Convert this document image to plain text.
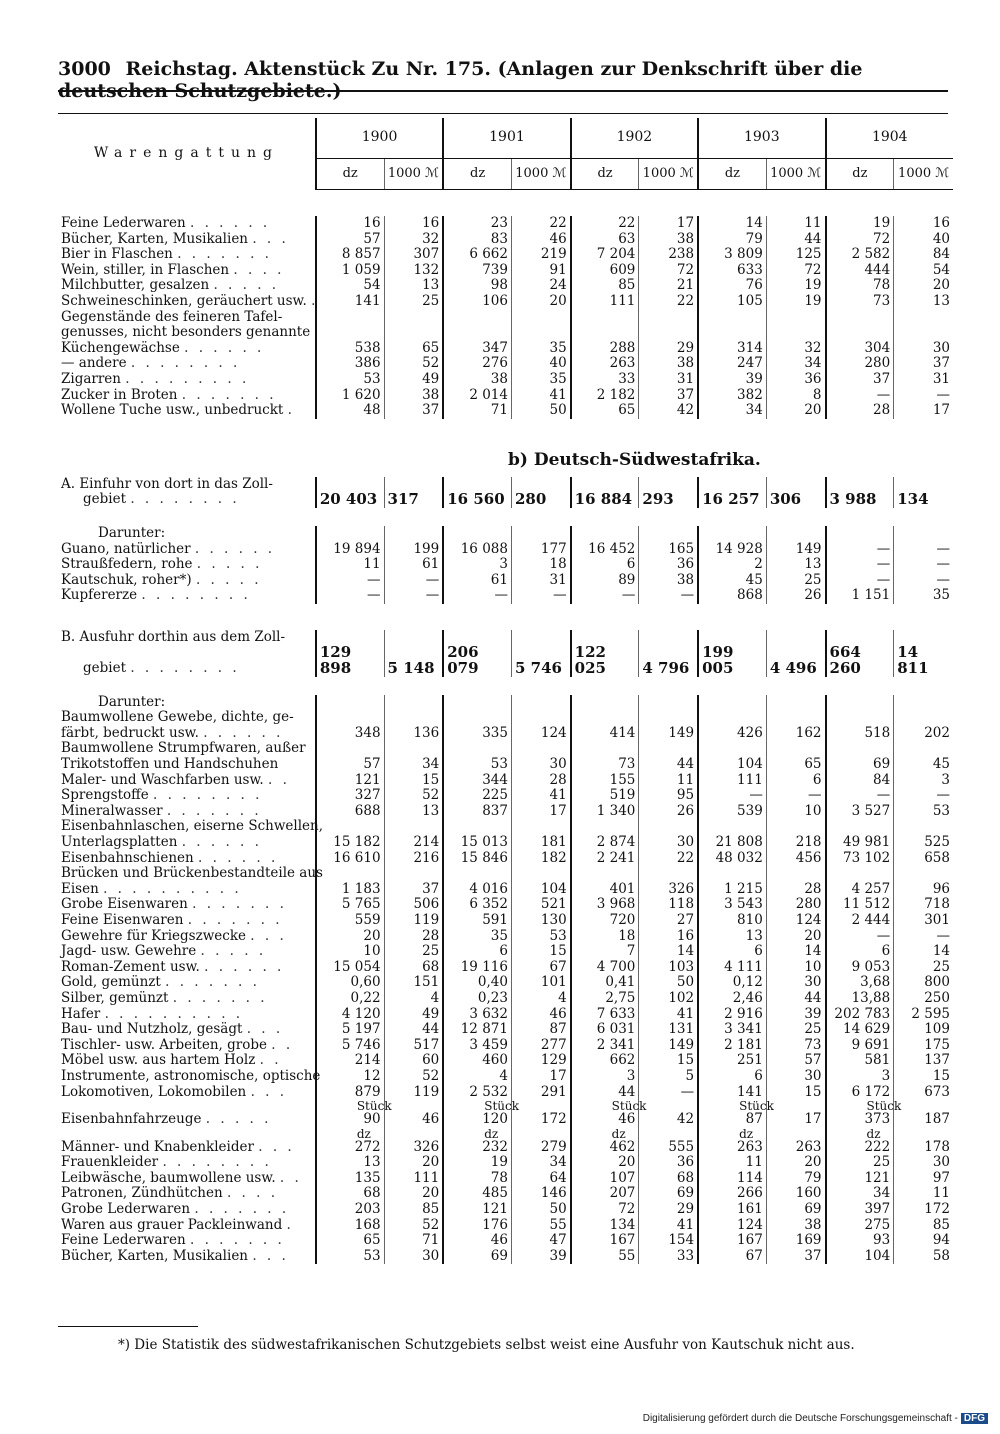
3000 Reichstag. Aktenstück Zu Nr. 175. (Anlagen zur Denkschrift über die deutschen Schutzgebiete.)
Warengattung	1900		1901		1902		1903		1904	
	dz	1000 ℳ	dz	1000 ℳ	dz	1000 ℳ	dz	1000 ℳ	dz	1000 ℳ

Feine Lederwaren . . . . . .	16	16	23	22	22	17	14	11	19	16
Bücher, Karten, Musikalien . . .	57	32	83	46	63	38	79	44	72	40
Bier in Flaschen . . . . . . .	8 857	307	6 662	219	7 204	238	3 809	125	2 582	84
Wein, stiller, in Flaschen . . . .	1 059	132	739	91	609	72	633	72	444	54
Milchbutter, gesalzen . . . . .	54	13	98	24	85	21	76	19	78	20
Schweineschinken, geräuchert usw. .	141	25	106	20	111	22	105	19	73	13
Gegenstände des feineren Tafel-										
genusses, nicht besonders genannte										
Küchengewächse . . . . . .	538	65	347	35	288	29	314	32	304	30
— andere . . . . . . . .	386	52	276	40	263	38	247	34	280	37
Zigarren . . . . . . . . .	53	49	38	35	33	31	39	36	37	31
Zucker in Broten . . . . . . .	1 620	38	2 014	41	2 182	37	382	8	—	—
Wollene Tuche usw., unbedruckt .	48	37	71	50	65	42	34	20	28	17

	b) Deutsch-Südwestafrika.									

A. Einfuhr von dort in das Zoll-										
gebiet . . . . . . . .	20 403	317	16 560	280	16 884	293	16 257	306	3 988	134

Darunter:										
Guano, natürlicher . . . . . .	19 894	199	16 088	177	16 452	165	14 928	149	—	—
Straußfedern, rohe . . . . .	11	61	3	18	6	36	2	13	—	—
Kautschuk, roher*) . . . . .	—	—	61	31	89	38	45	25	—	—
Kupfererze . . . . . . . .	—	—	—	—	—	—	868	26	1 151	35

B. Ausfuhr dorthin aus dem Zoll-										
gebiet . . . . . . . .	129 898	5 148	206 079	5 746	122 025	4 796	199 005	4 496	664 260	14 811

Darunter:										
Baumwollene Gewebe, dichte, ge-										
färbt, bedruckt usw. . . . . . .	348	136	335	124	414	149	426	162	518	202
Baumwollene Strumpfwaren, außer										
Trikotstoffen und Handschuhen	57	34	53	30	73	44	104	65	69	45
Maler- und Waschfarben usw. . .	121	15	344	28	155	11	111	6	84	3
Sprengstoffe . . . . . . . .	327	52	225	41	519	95	—	—	—	—
Mineralwasser . . . . . . .	688	13	837	17	1 340	26	539	10	3 527	53
Eisenbahnlaschen, eiserne Schwellen,										
Unterlagsplatten . . . . . .	15 182	214	15 013	181	2 874	30	21 808	218	49 981	525
Eisenbahnschienen . . . . . .	16 610	216	15 846	182	2 241	22	48 032	456	73 102	658
Brücken und Brückenbestandteile aus										
Eisen . . . . . . . . . .	1 183	37	4 016	104	401	326	1 215	28	4 257	96
Grobe Eisenwaren . . . . . . .	5 765	506	6 352	521	3 968	118	3 543	280	11 512	718
Feine Eisenwaren . . . . . . .	559	119	591	130	720	27	810	124	2 444	301
Gewehre für Kriegszwecke . . .	20	28	35	53	18	16	13	20	—	—
Jagd- usw. Gewehre . . . . .	10	25	6	15	7	14	6	14	6	14
Roman-Zement usw. . . . . . .	15 054	68	19 116	67	4 700	103	4 111	10	9 053	25
Gold, gemünzt . . . . . . .	0,60	151	0,40	101	0,41	50	0,12	30	3,68	800
Silber, gemünzt . . . . . . .	0,22	4	0,23	4	2,75	102	2,46	44	13,88	250
Hafer . . . . . . . . . .	4 120	49	3 632	46	7 633	41	2 916	39	202 783	2 595
Bau- und Nutzholz, gesägt . . .	5 197	44	12 871	87	6 031	131	3 341	25	14 629	109
Tischler- usw. Arbeiten, grobe . .	5 746	517	3 459	277	2 341	149	2 181	73	9 691	175
Möbel usw. aus hartem Holz . .	214	60	460	129	662	15	251	57	581	137
Instrumente, astronomische, optische	12	52	4	17	3	5	6	30	3	15
Lokomotiven, Lokomobilen . . .	879	119	2 532	291	44	—	141	15	6 172	673
	Stück		Stück		Stück		Stück		Stück	
Eisenbahnfahrzeuge . . . . .	90	46	120	172	46	42	87	17	373	187
	dz		dz		dz		dz		dz	
Männer- und Knabenkleider . . .	272	326	232	279	462	555	263	263	222	178
Frauenkleider . . . . . . . .	13	20	19	34	20	36	11	20	25	30
Leibwäsche, baumwollene usw. . .	135	111	78	64	107	68	114	79	121	97
Patronen, Zündhütchen . . . .	68	20	485	146	207	69	266	160	34	11
Grobe Lederwaren . . . . . . .	203	85	121	50	72	29	161	69	397	172
Waren aus grauer Packleinwand .	168	52	176	55	134	41	124	38	275	85
Feine Lederwaren . . . . . . .	65	71	46	47	167	154	167	169	93	94
Bücher, Karten, Musikalien . . .	53	30	69	39	55	33	67	37	104	58
*) Die Statistik des südwestafrikanischen Schutzgebiets selbst weist eine Ausfuhr von Kautschuk nicht aus.
Digitalisierung gefördert durch die Deutsche Forschungsgemeinschaft - DFG
